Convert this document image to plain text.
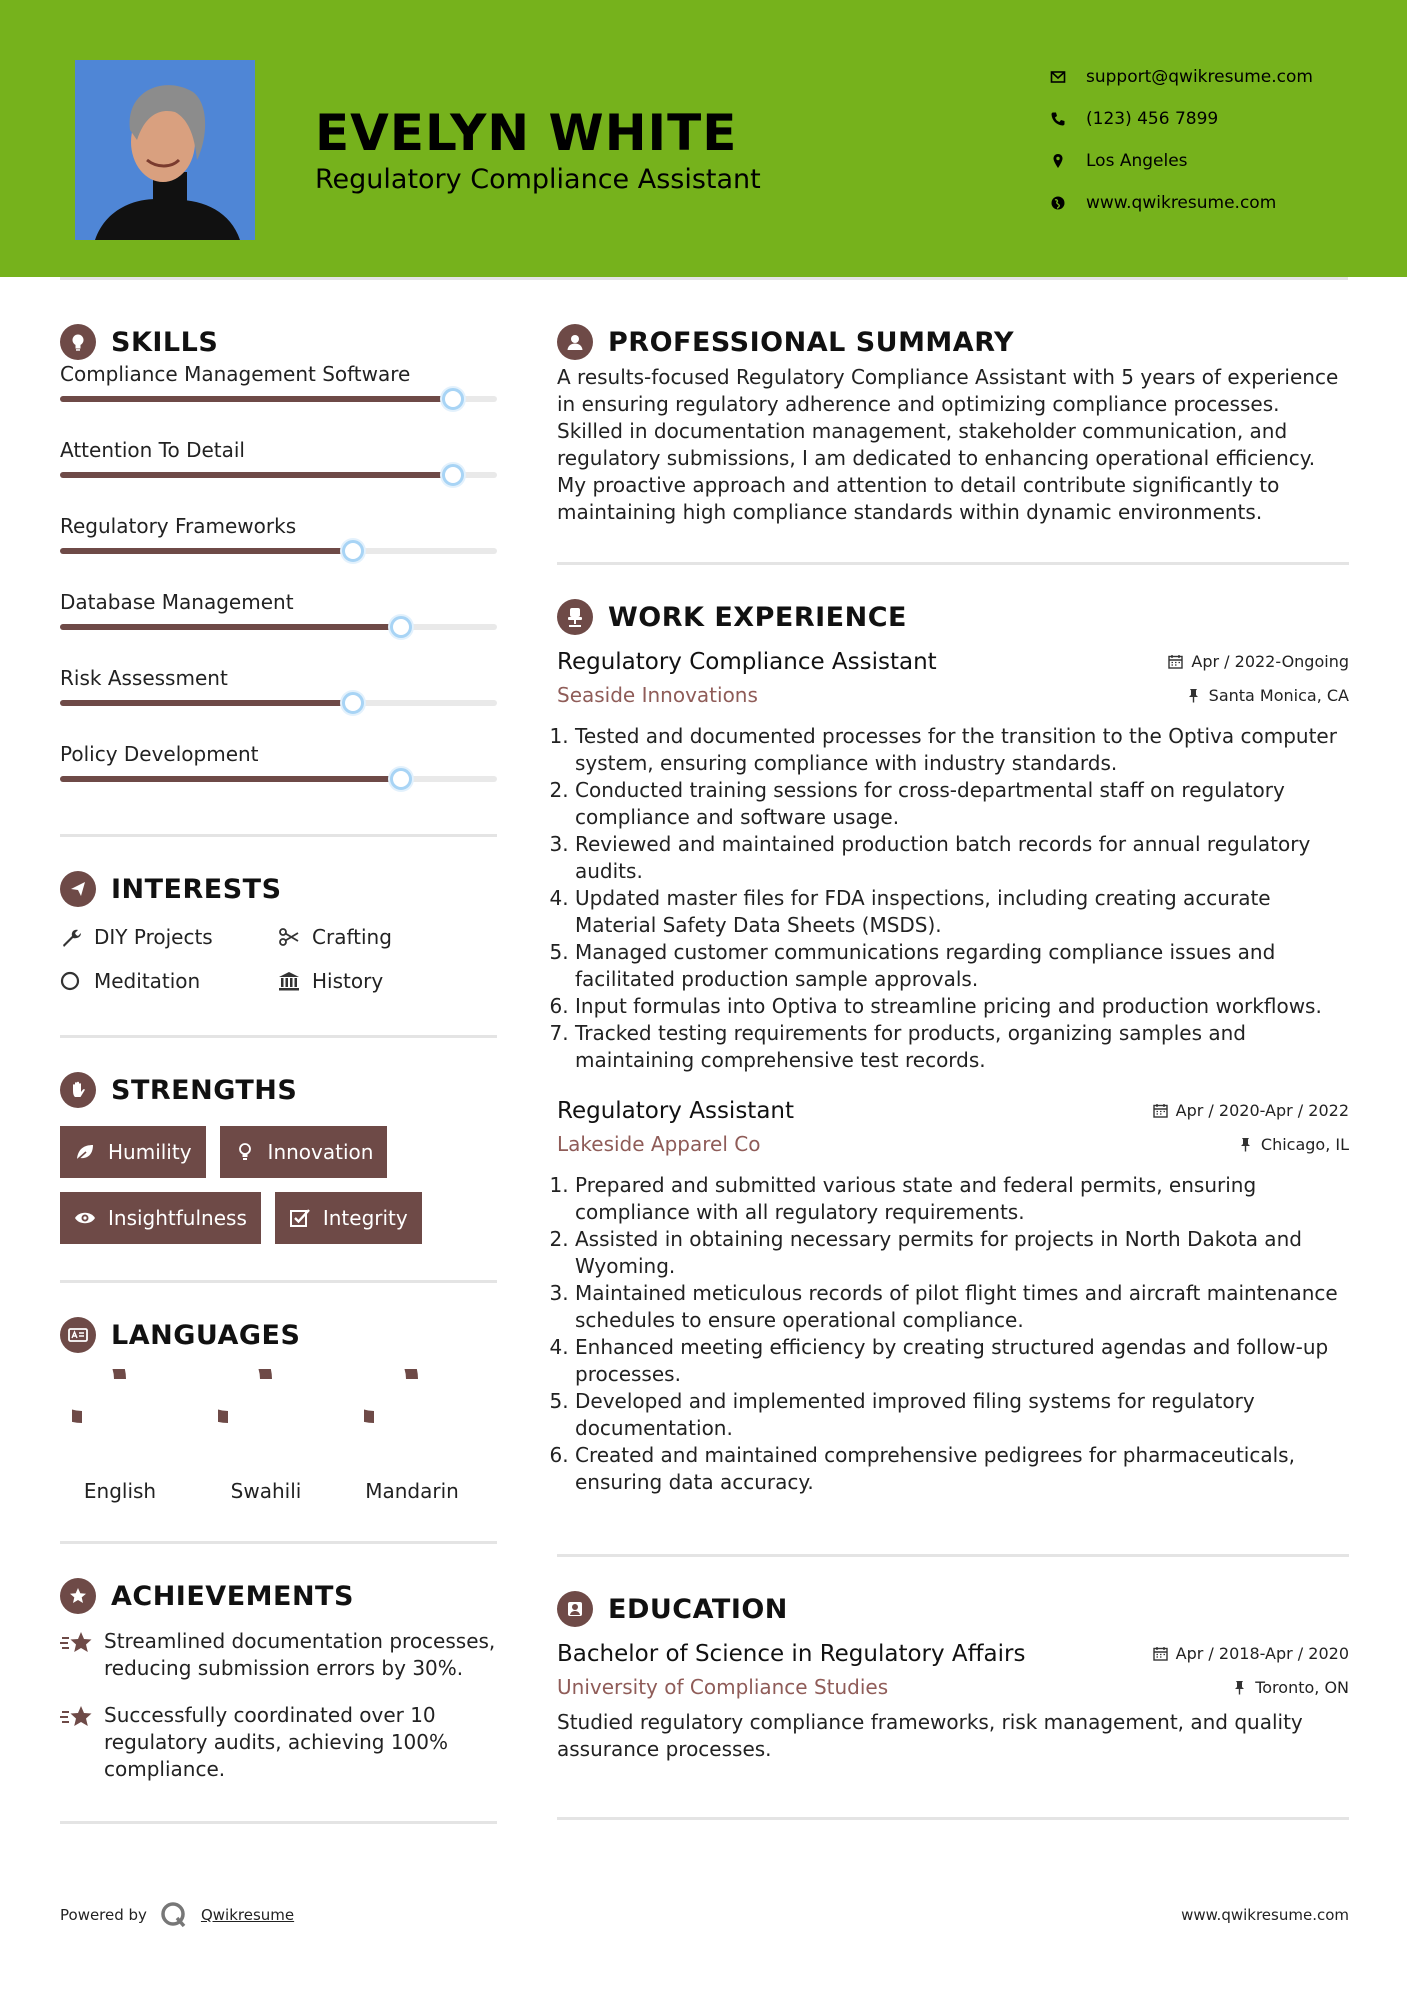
EVELYN WHITE
Regulatory Compliance Assistant
support@qwikresume.com
(123) 456 7899
Los Angeles
www.qwikresume.com
SKILLS
Compliance Management Software
Attention To Detail
Regulatory Frameworks
Database Management
Risk Assessment
Policy Development
INTERESTS
DIY Projects	Crafting
Meditation	History
STRENGTHS
Humility	Innovation
Insightfulness	Integrity
LANGUAGES
English	Swahili	Mandarin
ACHIEVEMENTS
Streamlined documentation processes, reducing submission errors by 30%.
Successfully coordinated over 10 regulatory audits, achieving 100% compliance.
PROFESSIONAL SUMMARY
A results-focused Regulatory Compliance Assistant with 5 years of experience in ensuring regulatory adherence and optimizing compliance processes. Skilled in documentation management, stakeholder communication, and regulatory submissions, I am dedicated to enhancing operational efficiency. My proactive approach and attention to detail contribute significantly to maintaining high compliance standards within dynamic environments.
WORK EXPERIENCE
Regulatory Compliance Assistant	Apr / 2022-Ongoing
Seaside Innovations	Santa Monica, CA
1. Tested and documented processes for the transition to the Optiva computer system, ensuring compliance with industry standards.
2. Conducted training sessions for cross-departmental staff on regulatory compliance and software usage.
3. Reviewed and maintained production batch records for annual regulatory audits.
4. Updated master files for FDA inspections, including creating accurate Material Safety Data Sheets (MSDS).
5. Managed customer communications regarding compliance issues and facilitated production sample approvals.
6. Input formulas into Optiva to streamline pricing and production workflows.
7. Tracked testing requirements for products, organizing samples and maintaining comprehensive test records.
Regulatory Assistant	Apr / 2020-Apr / 2022
Lakeside Apparel Co	Chicago, IL
1. Prepared and submitted various state and federal permits, ensuring compliance with all regulatory requirements.
2. Assisted in obtaining necessary permits for projects in North Dakota and Wyoming.
3. Maintained meticulous records of pilot flight times and aircraft maintenance schedules to ensure operational compliance.
4. Enhanced meeting efficiency by creating structured agendas and follow-up processes.
5. Developed and implemented improved filing systems for regulatory documentation.
6. Created and maintained comprehensive pedigrees for pharmaceuticals, ensuring data accuracy.
EDUCATION
Bachelor of Science in Regulatory Affairs	Apr / 2018-Apr / 2020
University of Compliance Studies	Toronto, ON
Studied regulatory compliance frameworks, risk management, and quality assurance processes.
Powered by	Qwikresume	www.qwikresume.com
